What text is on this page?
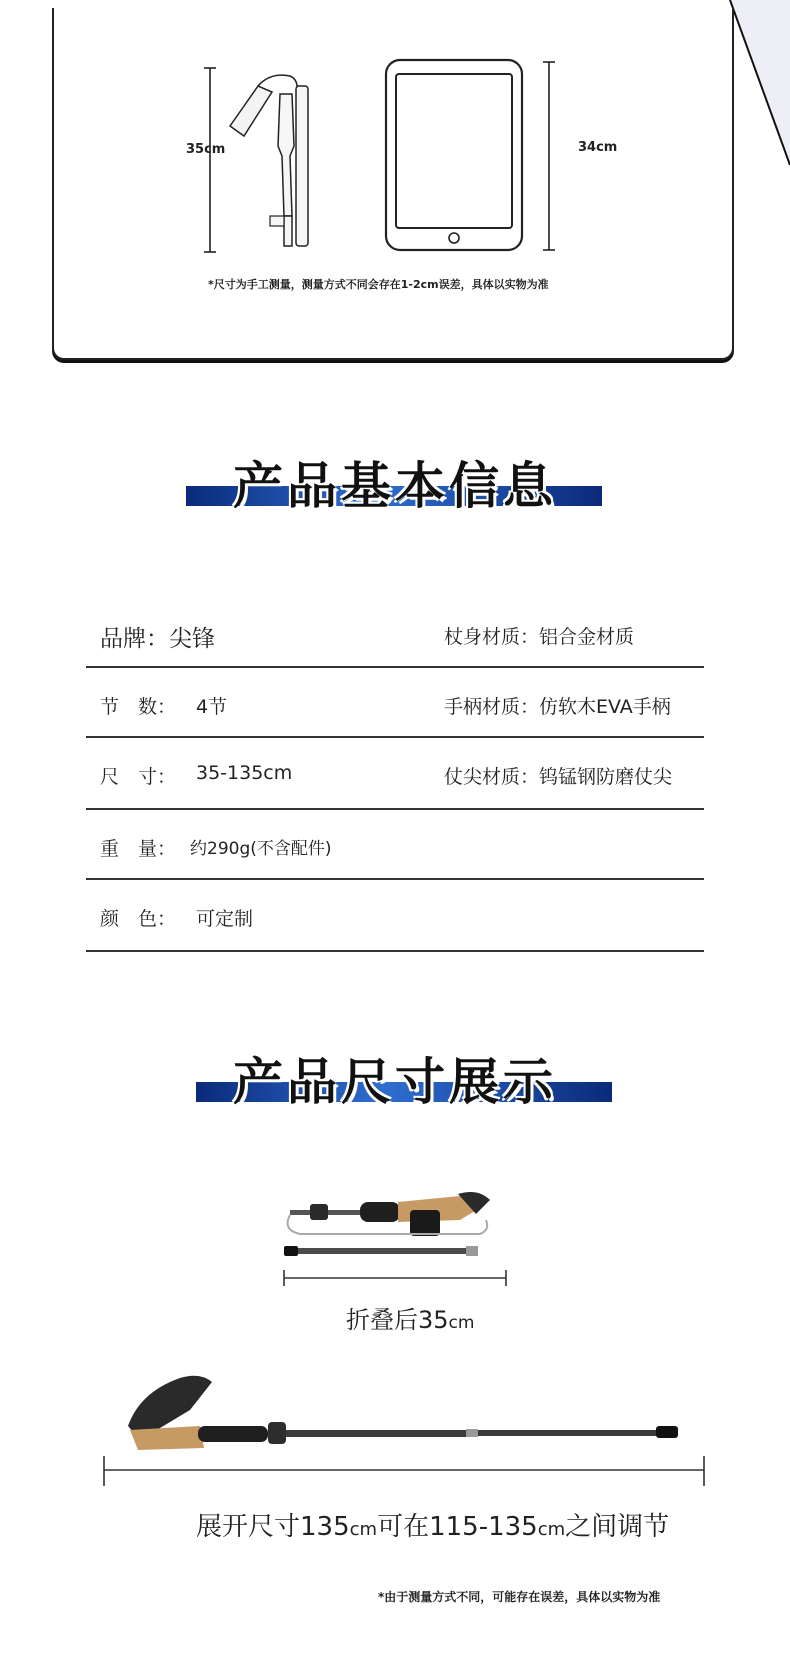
35cm	34cm
*尺寸为手工测量，测量方式不同会存在1-2cm误差，具体以实物为准
产品基本信息
品牌：尖锋	杖身材质：铝合金材质
节　数： 4节	手柄材质：仿软木EVA手柄
尺　寸： 35-135cm	仗尖材质：钨锰钢防磨仗尖
重　量： 约290g(不含配件)
颜　色： 可定制
产品尺寸展示
折叠后35cm
展开尺寸135cm可在115-135cm之间调节
*由于测量方式不同，可能存在误差，具体以实物为准
